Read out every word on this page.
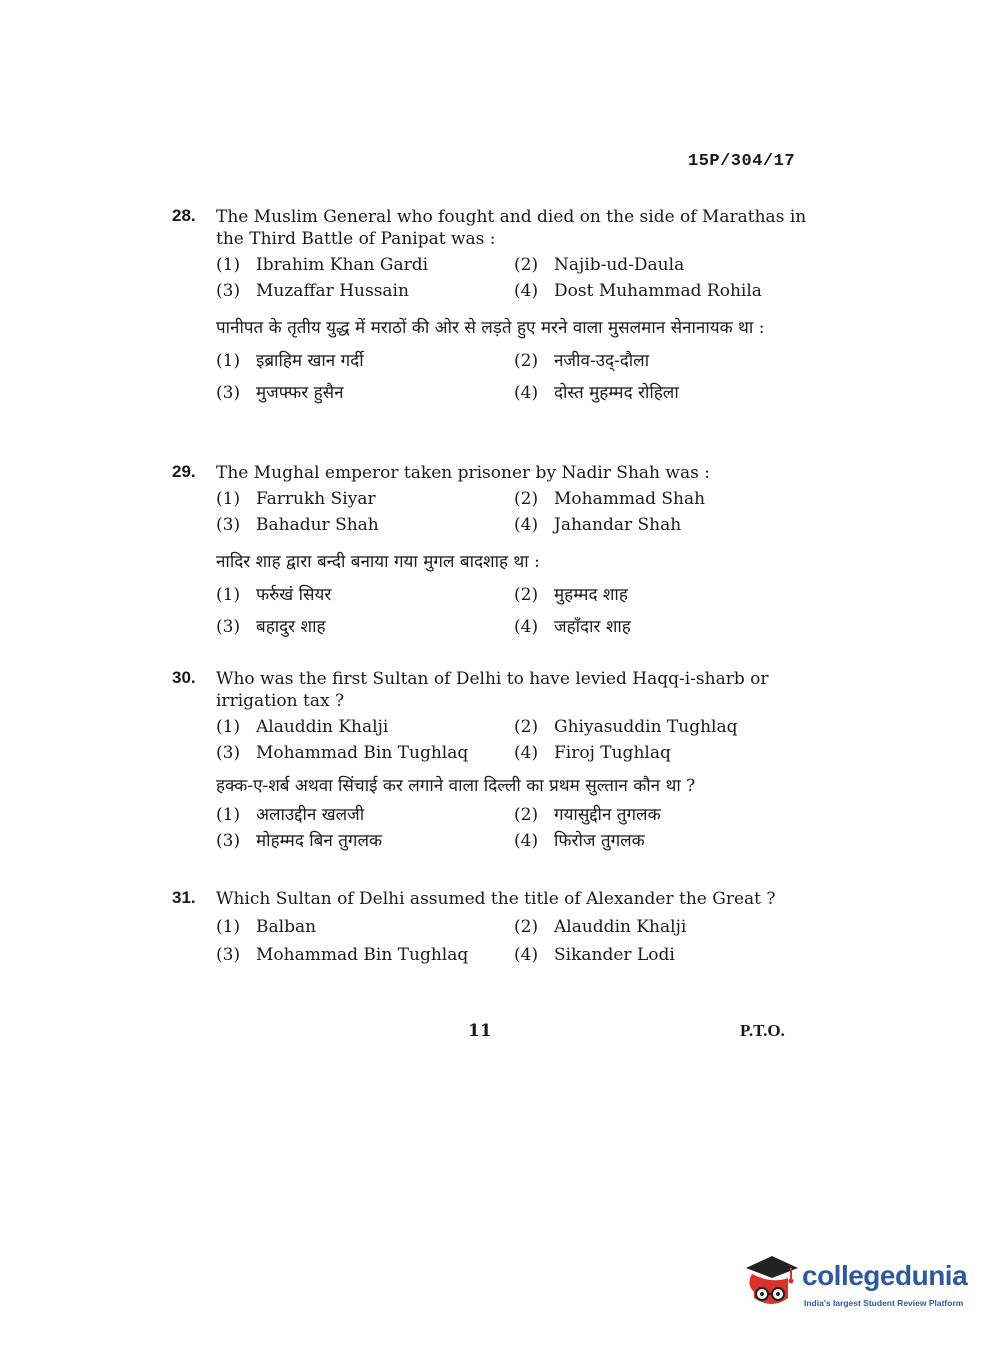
15P/304/17
28. The Muslim General who fought and died on the side of Marathas in the Third Battle of Panipat was :
(1) Ibrahim Khan Gardi	(2) Najib-ud-Daula
(3) Muzaffar Hussain	(4) Dost Muhammad Rohila
पानीपत के तृतीय युद्ध में मराठों की ओर से लड़ते हुए मरने वाला मुसलमान सेनानायक था :
(1) इब्राहिम खान गर्दी	(2) नजीव-उद्-दौला
(3) मुजफ्फर हुसैन	(4) दोस्त मुहम्मद रोहिला
29. The Mughal emperor taken prisoner by Nadir Shah was :
(1) Farrukh Siyar	(2) Mohammad Shah
(3) Bahadur Shah	(4) Jahandar Shah
नादिर शाह द्वारा बन्दी बनाया गया मुगल बादशाह था :
(1) फर्रुखं सियर	(2) मुहम्मद शाह
(3) बहादुर शाह	(4) जहाँदार शाह
30. Who was the first Sultan of Delhi to have levied Haqq-i-sharb or irrigation tax ?
(1) Alauddin Khalji	(2) Ghiyasuddin Tughlaq
(3) Mohammad Bin Tughlaq	(4) Firoj Tughlaq
हक्क-ए-शर्ब अथवा सिंचाई कर लगाने वाला दिल्ली का प्रथम सुल्तान कौन था ?
(1) अलाउद्दीन खलजी	(2) गयासुद्दीन तुगलक
(3) मोहम्मद बिन तुगलक	(4) फिरोज तुगलक
31. Which Sultan of Delhi assumed the title of Alexander the Great ?
(1) Balban	(2) Alauddin Khalji
(3) Mohammad Bin Tughlaq	(4) Sikander Lodi
11	P.T.O.
collegedunia
India's largest Student Review Platform
